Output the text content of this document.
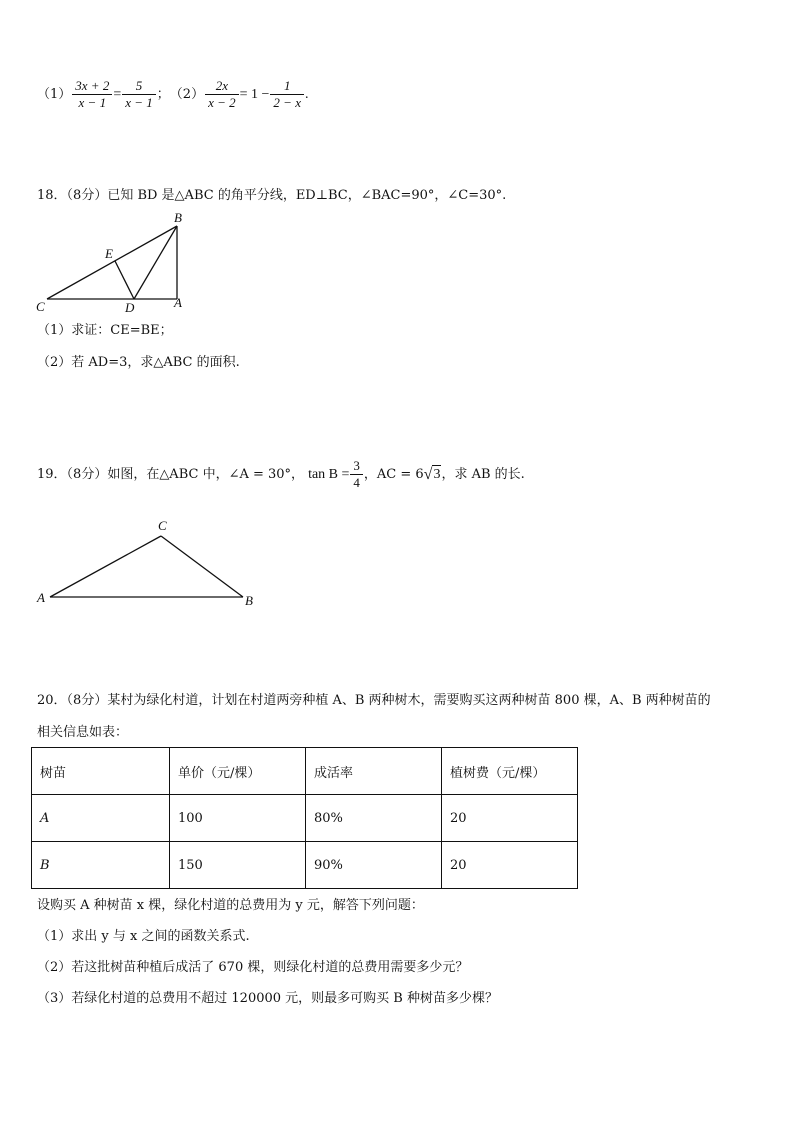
$(1) \frac{3x + 2}{x - 1} = \frac{5}{x - 1}$ ； $(2) \frac{2x}{x - 2} = 1 - \frac{1}{2 - x}$ .
18．（8分）已知 BD 是△ABC 的角平分线，ED⊥BC，∠BAC=90°，∠C=30°.
B
E
C	D	A
（1）求证：CE=BE；
（2）若 AD=3，求△ABC 的面积.
19．（8分）如图，在△ABC 中，∠A = 30°， $\tan B = \frac{3}{4}$ ，AC = 6 √ 3 ，求 AB 的长.
C
A	B
20．（8分）某村为绿化村道，计划在村道两旁种植 A、B 两种树木，需要购买这两种树苗 800 棵，A、B 两种树苗的
相关信息如表：
树苗	单价（元/棵）	成活率	植树费（元/棵）
A	100	80%	20
B	150	90%	20
设购买 A 种树苗 x 棵，绿化村道的总费用为 y 元，解答下列问题：
（1）求出 y 与 x 之间的函数关系式.
（2）若这批树苗种植后成活了 670 棵，则绿化村道的总费用需要多少元？
（3）若绿化村道的总费用不超过 120000 元，则最多可购买 B 种树苗多少棵？
